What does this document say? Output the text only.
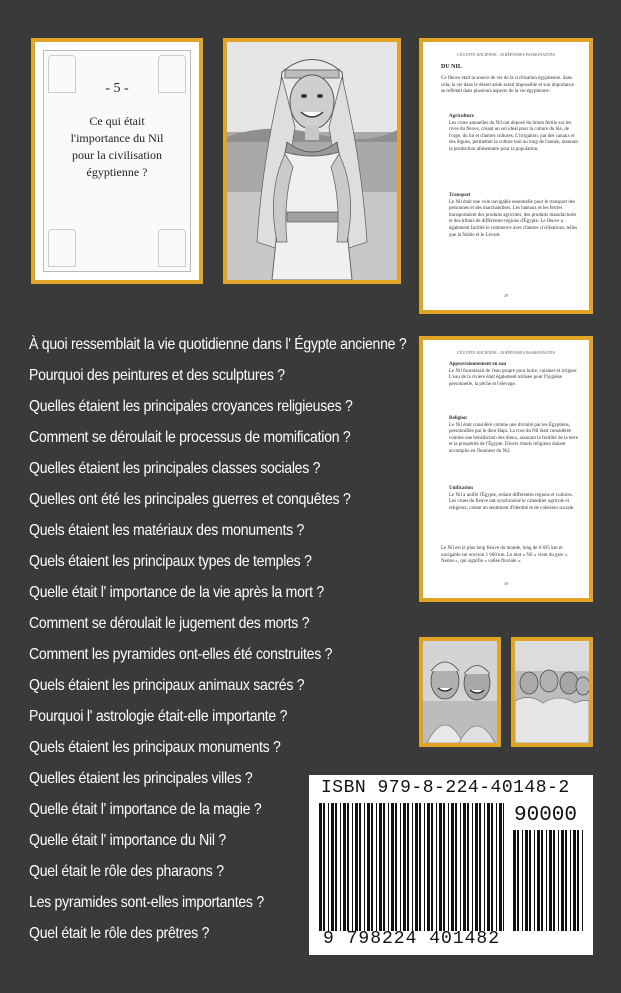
- 5 -
Ce qui était
l'importance du Nil
pour la civilisation
égyptienne ?
L'ÉGYPTE ANCIENNE : 20 RÉPONSES PASSIONANTES
DU NIL
Ce fleuve était la source de vie de la civilisation égyptienne. Sans cela, la vie dans le désert aride serait impossible et son importance se reflétait dans plusieurs aspects de la vie égyptienne :
Agriculture
Les crues annuelles du Nil ont déposé du limon fertile sur les rives du fleuve, créant un sol idéal pour la culture du blé, de l'orge, du lin et d'autres cultures. L'irrigation, par des canaux et des digues, permettait la culture tout au long de l'année, assurant la production alimentaire pour la population.
Transport
Le Nil était une voie navigable essentielle pour le transport des personnes et des marchandises. Les bateaux et les ferries transportaient des produits agricoles, des produits manufacturés et des tributs de différentes régions d'Égypte. Le fleuve a également facilité le commerce avec d'autres civilisations, telles que la Nubie et le Levant.
29
L'ÉGYPTE ANCIENNE : 20 RÉPONSES PASSIONANTES
Approvisionnement en eau
Le Nil fournissait de l'eau propre pour boire, cuisiner et irriguer. L'eau de la rivière était également utilisée pour l'hygiène personnelle, la pêche et l'élevage.
Religion
Le Nil était considéré comme une divinité par les Égyptiens, personnifiée par le dieu Hapi. La crue du Nil était considérée comme une bénédiction des dieux, assurant la fertilité de la terre et la prospérité de l'Égypte. Divers rituels religieux étaient accomplis en l'honneur du Nil.
Unification
Le Nil a unifié l'Égypte, reliant différentes régions et cultures. Les crues du fleuve ont synchronisé le calendrier agricole et religieux, créant un sentiment d'identité et de cohésion sociale.
Le Nil est le plus long fleuve du monde, long de 6 695 km et navigable sur environ 1 600 km. Le mot « Nil » vient du grec « Neilos », qui signifie « vallée fluviale ».
30
À quoi ressemblait la vie quotidienne dans l' Égypte ancienne ?
Pourquoi des peintures et des sculptures ?
Quelles étaient les principales croyances religieuses ?
Comment se déroulait le processus de momification ?
Quelles étaient les principales classes sociales ?
Quelles ont été les principales guerres et conquêtes ?
Quels étaient les matériaux des monuments ?
Quels étaient les principaux types de temples ?
Quelle était l' importance de la vie après la mort ?
Comment se déroulait le jugement des morts ?
Comment les pyramides ont-elles été construites ?
Quels étaient les principaux animaux sacrés ?
Pourquoi l' astrologie était-elle importante ?
Quels étaient les principaux monuments ?
Quelles étaient les principales villes ?
Quelle était l' importance de la magie ?
Quelle était l' importance du Nil ?
Quel était le rôle des pharaons ?
Les pyramides sont-elles importantes ?
Quel était le rôle des prêtres ?
ISBN 979-8-224-40148-2
90000
9 798224 401482
